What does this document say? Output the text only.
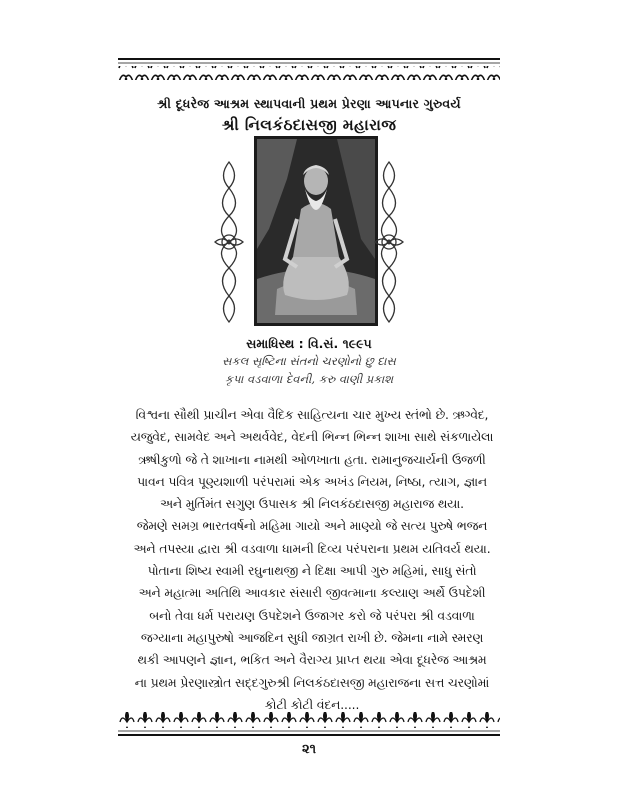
શ્રી દૂધરેજ આશ્રમ સ્થાપવાની પ્રથમ પ્રેરણા આપનાર ગુરુવર્ય
શ્રી નિલકંઠદાસજી મહારાજ
સમાધિસ્થ : વિ.સં. ૧૯૯૫
સકલ સૃષ્ટિના સંતનો ચરણોનો છુ દાસ
કૃપા વડવાળા દેવની, કરુ વાણી પ્રકાશ
વિશ્વના સૌથી પ્રાચીન એવા વૈદિક સાહિત્યના ચાર મુખ્ય સ્તંભો છે. ઋગ્વેદ,
યજુવેદ, સામવેદ અને અથર્વવેદ, વેદની ભિન્ન ભિન્ન શાખા સાથે સંકળાયેલા
ઋષીકુળો જે તે શાખાના નામથી ઓળખાતા હતા. રામાનુજચાર્યની ઉજળી
પાવન પવિત્ર પૂણ્યશાળી પરંપરામાં એક અખંડ નિયમ, નિષ્ઠા, ત્યાગ, જ્ઞાન
અને મુર્તિમંત સગુણ ઉપાસક શ્રી નિલકંઠદાસજી મહારાજ થયા.
જેમણે સમગ્ર ભારતવર્ષનો મહિમા ગાયો અને માણ્યો જે સત્ય પુરુષે ભજન
અને તપસ્યા દ્વારા શ્રી વડવાળા ધામની દિવ્ય પરંપરાના પ્રથમ યતિવર્ય થયા.
પોતાના શિષ્ય સ્વામી રઘુનાથજી ને દિક્ષા આપી ગુરુ મહિમાં, સાધુ સંતો
અને મહાત્મા અતિથિ આવકાર સંસારી જીવત્માના કલ્યાણ અર્થે ઉપદેશી
બનો તેવા ધર્મ પરાયણ ઉપદેશને ઉજાગર કરો જે પરંપરા શ્રી વડવાળા
જગ્યાના મહાપુરુષો આજદિન સુધી જાગ્રત રાખી છે. જેમના નામે સ્મરણ
થકી આપણને જ્ઞાન, ભકિત અને વૈરાગ્ય પ્રાપ્ત થયા એવા દૂધરેજ આશ્રમ
ના પ્રથમ પ્રેરણાસ્ત્રોત સદ્દગુરુશ્રી નિલકંઠદાસજી મહારાજના સત્ત ચરણોમાં
કોટી કોટી વંદન.....
૨૧
